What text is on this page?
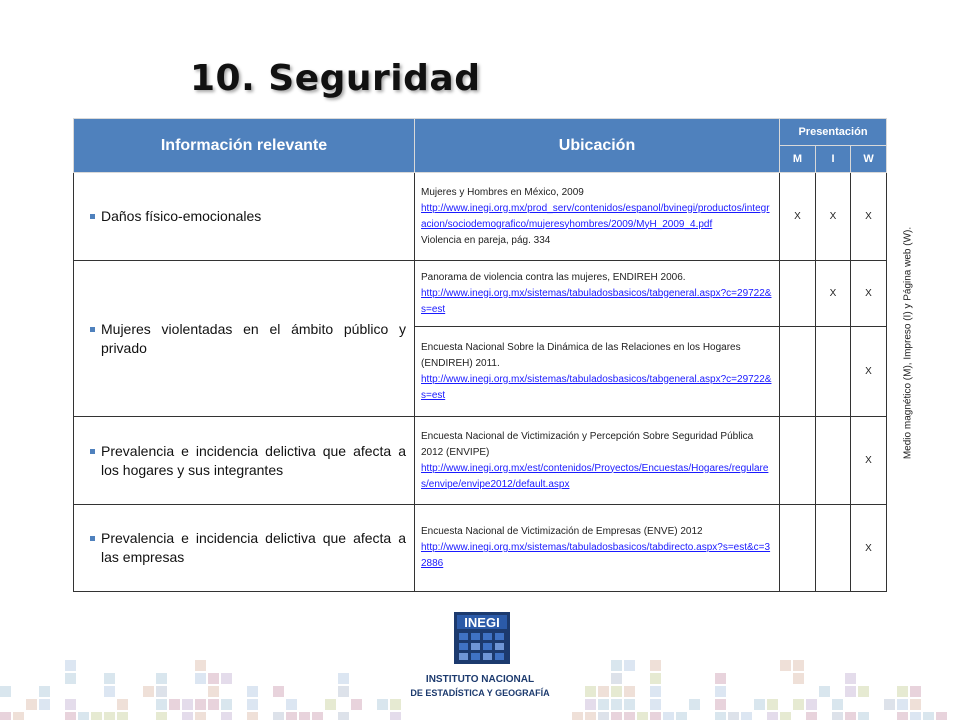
10. Seguridad
Información relevante	Ubicación	Presentación		
		M	I	W

Daños físico-emocionales	Mujeres y Hombres en México, 2009
http://www.inegi.org.mx/prod_serv/contenidos/espanol/bvinegi/productos/integracion/sociodemografico/mujeresyhombres/2009/MyH_2009_4.pdf
Violencia en pareja, pág. 334	X	X	X

Mujeres violentadas en el ámbito público y privado	Panorama de violencia contra las mujeres, ENDIREH 2006.
http://www.inegi.org.mx/sistemas/tabuladosbasicos/tabgeneral.aspx?c=29722&s=est		X	X
	Encuesta Nacional Sobre la Dinámica de las Relaciones en los Hogares (ENDIREH) 2011.
http://www.inegi.org.mx/sistemas/tabuladosbasicos/tabgeneral.aspx?c=29722&s=est			X

Prevalencia e incidencia delictiva que afecta a los hogares y sus integrantes	Encuesta Nacional de Victimización y Percepción Sobre Seguridad Pública 2012 (ENVIPE)
http://www.inegi.org.mx/est/contenidos/Proyectos/Encuestas/Hogares/regulares/envipe/envipe2012/default.aspx			X

Prevalencia e incidencia delictiva que afecta a las empresas	Encuesta Nacional de Victimización de Empresas (ENVE) 2012
http://www.inegi.org.mx/sistemas/tabuladosbasicos/tabdirecto.aspx?s=est&c=32886			X
Medio magnético (M), Impreso (I) y Página web (W).
INEGI
INSTITUTO NACIONAL
DE ESTADÍSTICA Y GEOGRAFÍA
